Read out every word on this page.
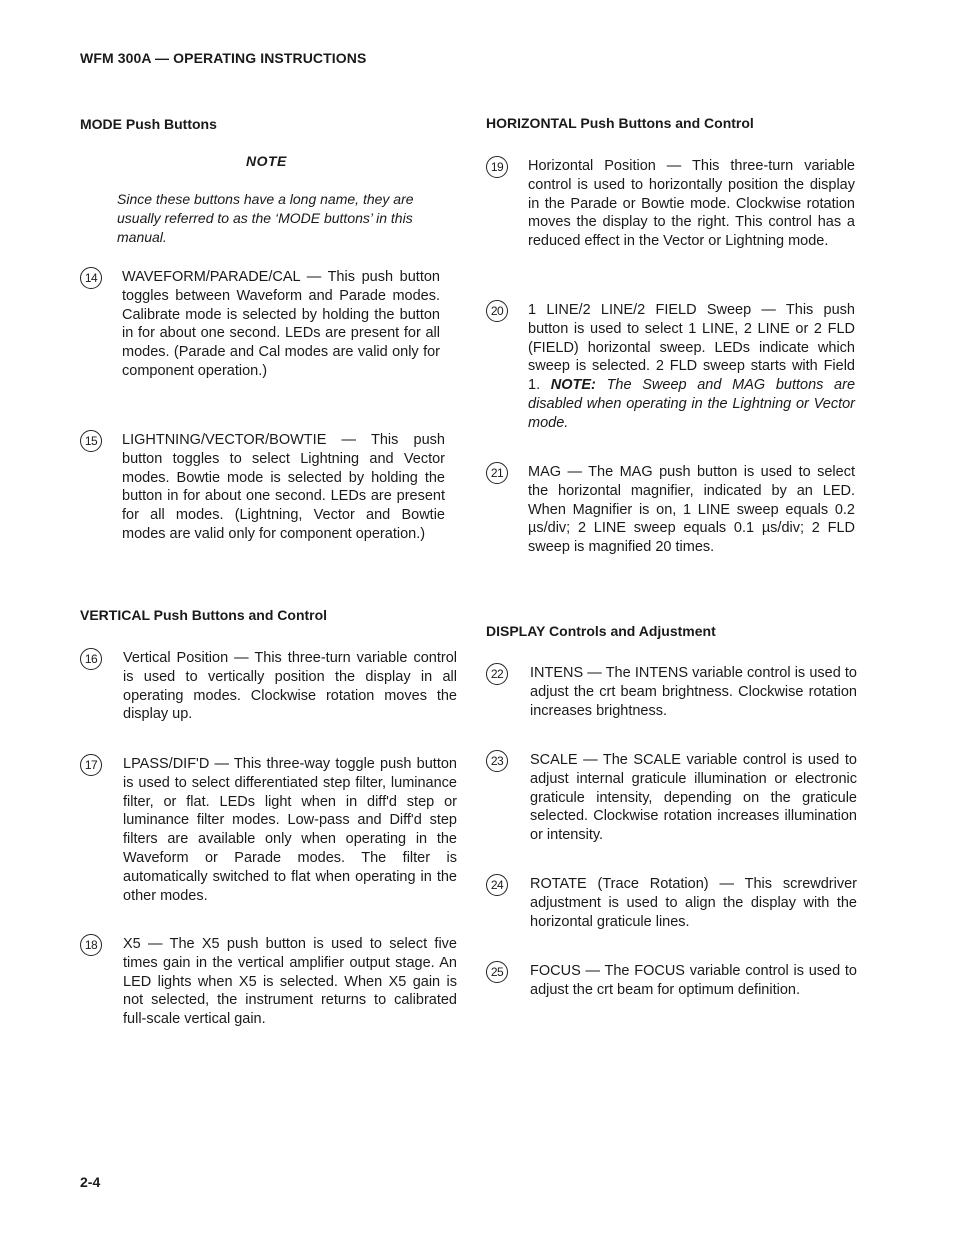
WFM 300A — OPERATING INSTRUCTIONS
MODE Push Buttons
NOTE
Since these buttons have a long name, they are usually referred to as the ‘MODE buttons’ in this manual.
14	WAVEFORM/PARADE/CAL — This push button toggles between Waveform and Parade modes. Calibrate mode is selected by holding the button in for about one second. LEDs are present for all modes. (Parade and Cal modes are valid only for component operation.)
15	LIGHTNING/VECTOR/BOWTIE — This push button toggles to select Lightning and Vector modes. Bowtie mode is selected by holding the button in for about one second. LEDs are present for all modes. (Lightning, Vector and Bowtie modes are valid only for component operation.)
VERTICAL Push Buttons and Control
16	Vertical Position — This three-turn variable control is used to vertically position the display in all operating modes. Clockwise rotation moves the display up.
17	LPASS/DIF'D — This three-way toggle push button is used to select differentiated step filter, luminance filter, or flat. LEDs light when in diff'd step or luminance filter modes. Low-pass and Diff'd step filters are available only when operating in the Waveform or Parade modes. The filter is automatically switched to flat when operating in the other modes.
18	X5 — The X5 push button is used to select five times gain in the vertical amplifier output stage. An LED lights when X5 is selected. When X5 gain is not selected, the instrument returns to calibrated full-scale vertical gain.
HORIZONTAL Push Buttons and Control
19	Horizontal Position — This three-turn variable control is used to horizontally position the display in the Parade or Bowtie mode. Clockwise rotation moves the display to the right. This control has a reduced effect in the Vector or Lightning mode.
20	1 LINE/2 LINE/2 FIELD Sweep — This push button is used to select 1 LINE, 2 LINE or 2 FLD (FIELD) horizontal sweep. LEDs indicate which sweep is selected. 2 FLD sweep starts with Field 1. NOTE: The Sweep and MAG buttons are disabled when operating in the Lightning or Vector mode.
21	MAG — The MAG push button is used to select the horizontal magnifier, indicated by an LED. When Magnifier is on, 1 LINE sweep equals 0.2 µs/div; 2 LINE sweep equals 0.1 µs/div; 2 FLD sweep is magnified 20 times.
DISPLAY Controls and Adjustment
22	INTENS — The INTENS variable control is used to adjust the crt beam brightness. Clockwise rotation increases brightness.
23	SCALE — The SCALE variable control is used to adjust internal graticule illumination or electronic graticule intensity, depending on the graticule selected. Clockwise rotation increases illumination or intensity.
24	ROTATE (Trace Rotation) — This screwdriver adjustment is used to align the display with the horizontal graticule lines.
25	FOCUS — The FOCUS variable control is used to adjust the crt beam for optimum definition.
2-4
